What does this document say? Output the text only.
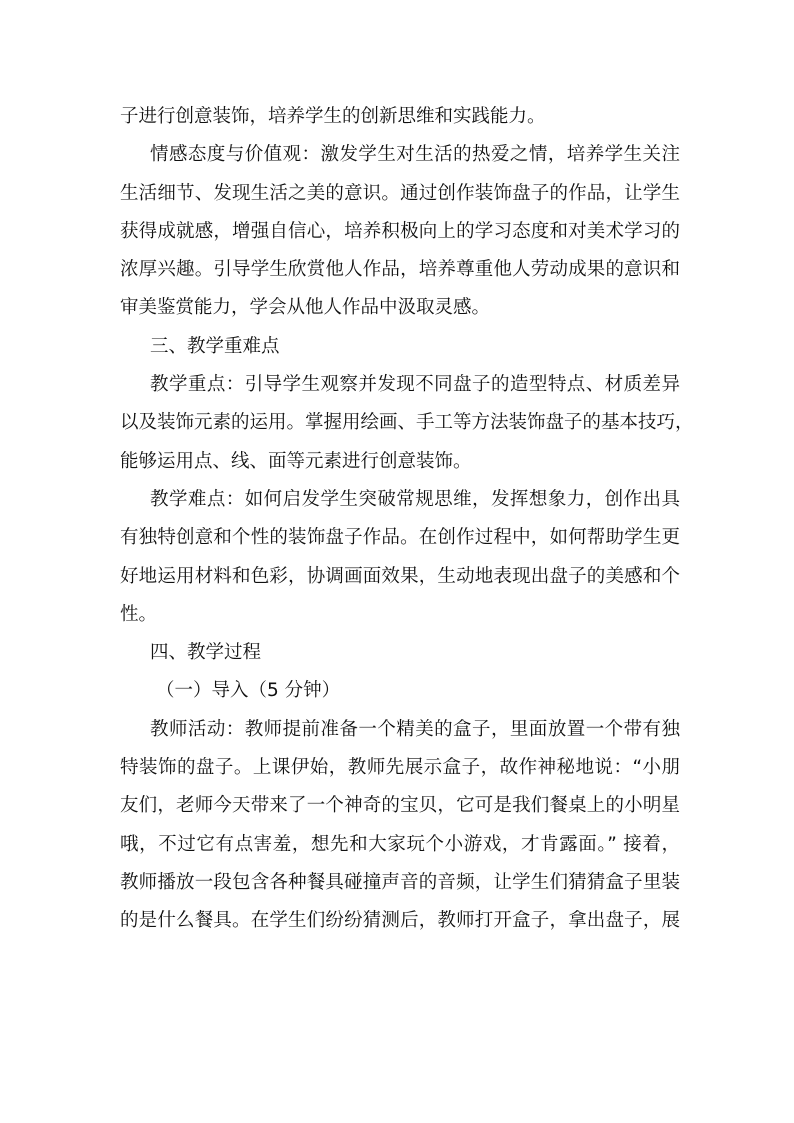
子进行创意装饰，培养学生的创新思维和实践能力。
情感态度与价值观：激发学生对生活的热爱之情，培养学生关注
生活细节、发现生活之美的意识。通过创作装饰盘子的作品，让学生
获得成就感，增强自信心，培养积极向上的学习态度和对美术学习的
浓厚兴趣。引导学生欣赏他人作品，培养尊重他人劳动成果的意识和
审美鉴赏能力，学会从他人作品中汲取灵感。
三、教学重难点
教学重点：引导学生观察并发现不同盘子的造型特点、材质差异
以及装饰元素的运用。掌握用绘画、手工等方法装饰盘子的基本技巧，
能够运用点、线、面等元素进行创意装饰。
教学难点：如何启发学生突破常规思维，发挥想象力，创作出具
有独特创意和个性的装饰盘子作品。在创作过程中，如何帮助学生更
好地运用材料和色彩，协调画面效果，生动地表现出盘子的美感和个
性。
四、教学过程
（一）导入（5 分钟）
教师活动：教师提前准备一个精美的盒子，里面放置一个带有独
特装饰的盘子。上课伊始，教师先展示盒子，故作神秘地说：“小朋
友们，老师今天带来了一个神奇的宝贝，它可是我们餐桌上的小明星
哦，不过它有点害羞，想先和大家玩个小游戏，才肯露面。” 接着，
教师播放一段包含各种餐具碰撞声音的音频，让学生们猜猜盒子里装
的是什么餐具。在学生们纷纷猜测后，教师打开盒子，拿出盘子，展
